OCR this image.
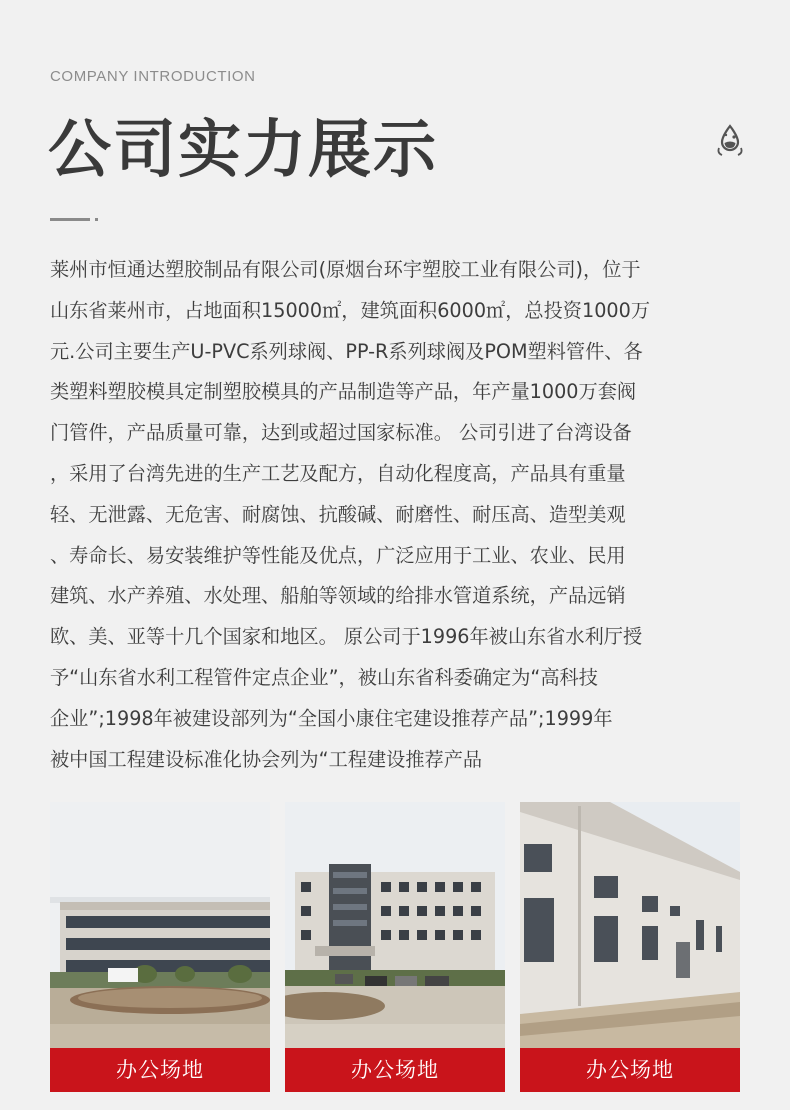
COMPANY INTRODUCTION
公司实力展示

莱州市恒通达塑胶制品有限公司(原烟台环宇塑胶工业有限公司)，位于
山东省莱州市，占地面积15000㎡，建筑面积6000㎡，总投资1000万
元.公司主要生产U-PVC系列球阀、PP-R系列球阀及POM塑料管件、各
类塑料塑胶模具定制塑胶模具的产品制造等产品，年产量1000万套阀
门管件，产品质量可靠，达到或超过国家标准。 公司引进了台湾设备
，采用了台湾先进的生产工艺及配方，自动化程度高，产品具有重量
轻、无泄露、无危害、耐腐蚀、抗酸碱、耐磨性、耐压高、造型美观
、寿命长、易安装维护等性能及优点，广泛应用于工业、农业、民用
建筑、水产养殖、水处理、船舶等领域的给排水管道系统，产品远销
欧、美、亚等十几个国家和地区。 原公司于1996年被山东省水利厅授
予“山东省水利工程管件定点企业”，被山东省科委确定为“高科技
企业”;1998年被建设部列为“全国小康住宅建设推荐产品”;1999年
被中国工程建设标准化协会列为“工程建设推荐产品

办公场地	办公场地	办公场地
